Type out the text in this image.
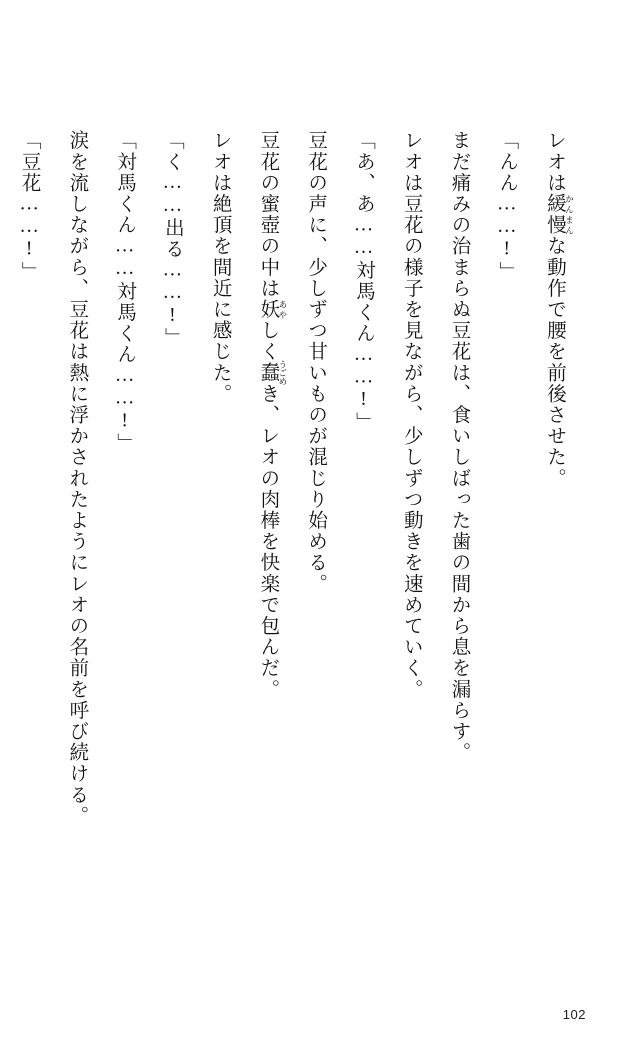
レオは緩慢 かんまんな動作で腰を前後させた。
「んん……!」
まだ痛みの治まらぬ豆花は、食いしばった歯の間から息を漏らす。
レオは豆花の様子を見ながら、少しずつ動きを速めていく。
「あ、あ……対馬くん……!」
豆花の声に、少しずつ甘いものが混じり始める。
豆花の蜜壺の中は妖 あやしく蠢 うごめき、レオの肉棒を快楽で包んだ。
レオは絶頂を間近に感じた。
「く……出る……!」
「対馬くん……対馬くん……!」
涙を流しながら、豆花は熱に浮かされたようにレオの名前を呼び続ける。
「豆花……!」
102
